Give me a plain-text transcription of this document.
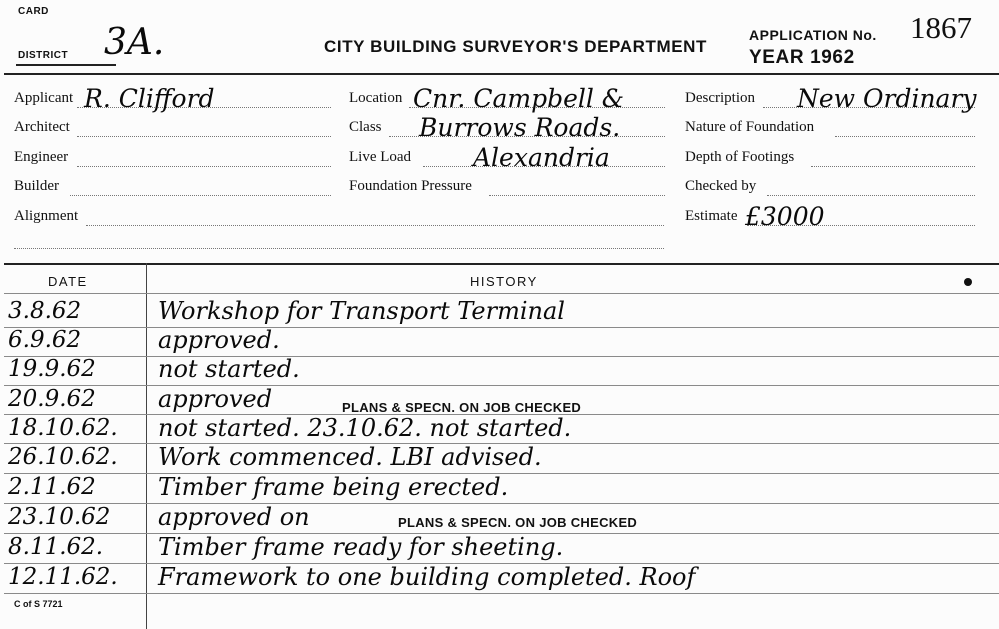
CARD
DISTRICT 3A.	CITY BUILDING SURVEYOR'S DEPARTMENT
APPLICATION No. 1867
YEAR 1962
Applicant R. Clifford
Architect
Engineer
Builder
Alignment
Location Cnr. Campbell &
Class Burrows Roads.
Live Load Alexandria
Foundation Pressure
Description New Ordinary
Nature of Foundation
Depth of Footings
Checked by
Estimate £3000
DATE	HISTORY
3.8.62	Workshop for Transport Terminal
6.9.62	approved.
19.9.62	not started.
20.9.62	approved	PLANS & SPECN. ON JOB CHECKED
18.10.62. not started. 23.10.62. not started.
26.10.62. Work commenced. LBI advised.
2.11.62	Timber frame being erected.
23.10.62 approved on	PLANS & SPECN. ON JOB CHECKED
8.11.62. Timber frame ready for sheeting.
12.11.62. Framework to one building completed. Roof
C of S 7721
